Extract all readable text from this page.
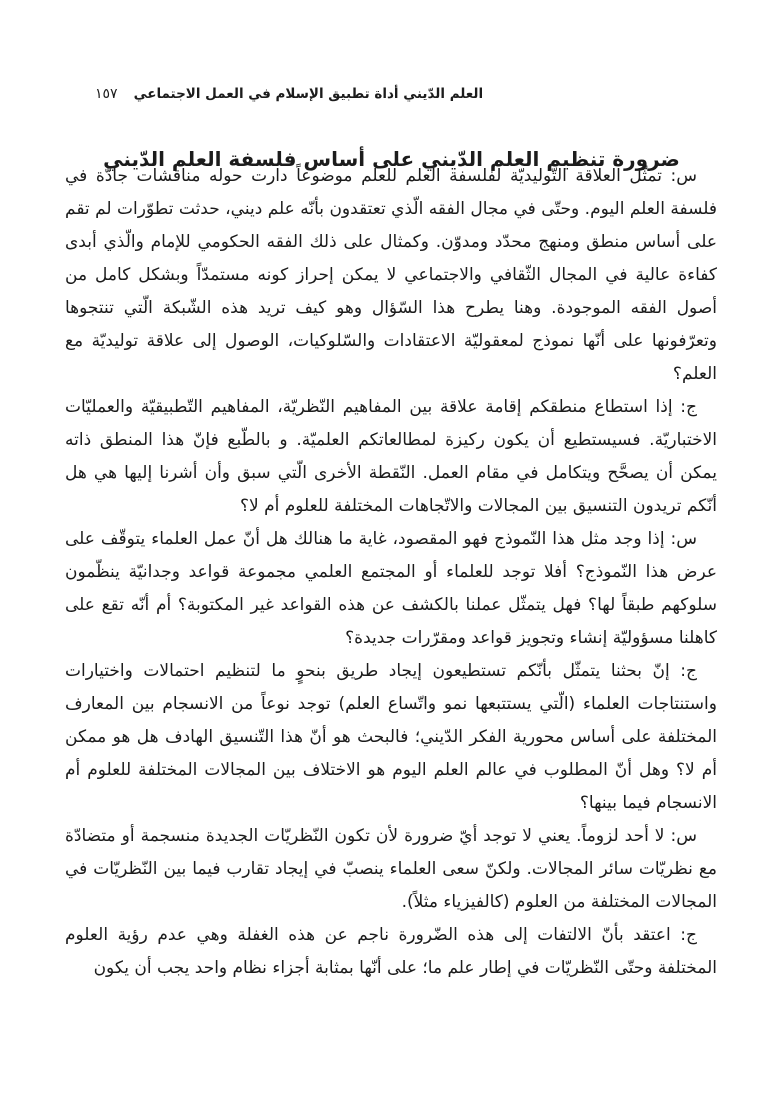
العلم الدّيني أداة تطبيق الإسلام في العمل الاجتماعي
١٥٧
ضرورة تنظيم العلم الدّيني على أساس فلسفة العلم الدّيني

س: تمثّل العلاقة التّوليديّة لفلسفة العلم للعلم موضوعاً دارت حوله مناقشات جادّة في فلسفة العلم اليوم. وحتّى في مجال الفقه الّذي تعتقدون بأنّه علم ديني، حدثت تطوّرات لم تقم على أساس منطق ومنهج محدّد ومدوّن. وكمثال على ذلك الفقه الحكومي للإمام والّذي أبدى كفاءة عالية في المجال الثّقافي والاجتماعي لا يمكن إحراز كونه مستمدّاً وبشكل كامل من أصول الفقه الموجودة. وهنا يطرح هذا السّؤال وهو كيف تريد هذه الشّبكة الّتي تنتجوها وتعرّفونها على أنّها نموذج لمعقوليّة الاعتقادات والسّلوكيات، الوصول إلى علاقة توليديّة مع العلم؟

ج: إذا استطاع منطقكم إقامة علاقة بين المفاهيم النّظريّة، المفاهيم التّطبيقيّة والعمليّات الاختباريّة. فسيستطيع أن يكون ركيزة لمطالعاتكم العلميّة. و بالطّبع فإنّ هذا المنطق ذاته يمكن أن يصحَّح ويتكامل في مقام العمل. النّقطة الأخرى الّتي سبق وأن أشرنا إليها هي هل أنّكم تريدون التنسيق بين المجالات والاتّجاهات المختلفة للعلوم أم لا؟

س: إذا وجد مثل هذا النّموذج فهو المقصود، غاية ما هنالك هل أنّ عمل العلماء يتوقّف على عرض هذا النّموذج؟ أفلا توجد للعلماء أو المجتمع العلمي مجموعة قواعد وجدانيّة ينظّمون سلوكهم طبقاً لها؟ فهل يتمثّل عملنا بالكشف عن هذه القواعد غير المكتوبة؟ أم أنّه تقع على كاهلنا مسؤوليّة إنشاء وتجويز قواعد ومقرّرات جديدة؟

ج: إنّ بحثنا يتمثّل بأنّكم تستطيعون إيجاد طريق بنحوٍ ما لتنظيم احتمالات واختيارات واستنتاجات العلماء (الّتي يستتبعها نمو واتّساع العلم) توجد نوعاً من الانسجام بين المعارف المختلفة على أساس محورية الفكر الدّيني؛ فالبحث هو أنّ هذا التّنسيق الهادف هل هو ممكن أم لا؟ وهل أنّ المطلوب في عالم العلم اليوم هو الاختلاف بين المجالات المختلفة للعلوم أم الانسجام فيما بينها؟

س: لا أحد لزوماً. يعني لا توجد أيّ ضرورة لأن تكون النّظريّات الجديدة منسجمة أو متضادّة مع نظريّات سائر المجالات. ولكنّ سعى العلماء ينصبّ في إيجاد تقارب فيما بين النّظريّات في المجالات المختلفة من العلوم (كالفيزياء مثلاً).

ج: اعتقد بأنّ الالتفات إلى هذه الضّرورة ناجم عن هذه الغفلة وهي عدم رؤية العلوم المختلفة وحتّى النّظريّات في إطار علم ما؛ على أنّها بمثابة أجزاء نظام واحد يجب أن يكون
